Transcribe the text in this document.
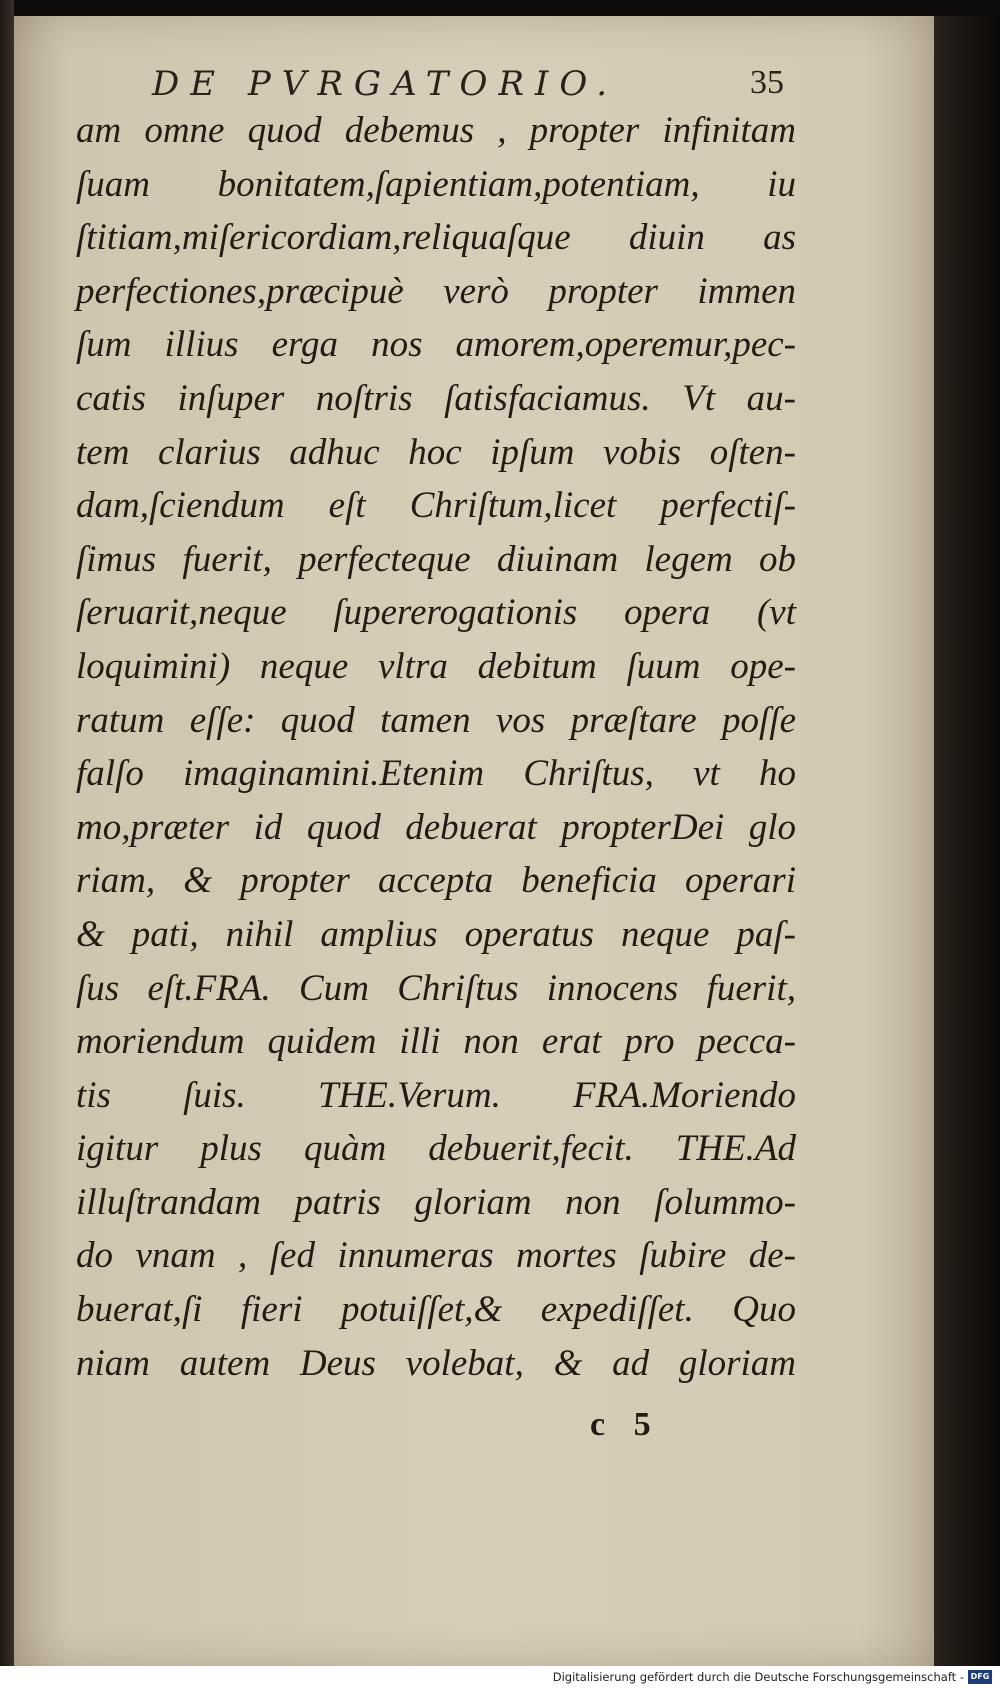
DE PVRGATORIO.	35
am omne quod debemus , propter infinitam
ſuam bonitatem,ſapientiam,potentiam, iu
ſtitiam,miſericordiam,reliquaſque diuin as
perfectiones,præcipuè verò propter immen
ſum illius erga nos amorem,operemur,pec-
catis inſuper noſtris ſatisfaciamus. Vt au-
tem clarius adhuc hoc ipſum vobis oſten-
dam,ſciendum eſt Chriſtum,licet perfectiſ-
ſimus fuerit, perfecteque diuinam legem ob
ſeruarit,neque ſupererogationis opera (vt
loquimini) neque vltra debitum ſuum ope-
ratum eſſe: quod tamen vos præſtare poſſe
falſo imaginamini.Etenim Chriſtus, vt ho
mo,præter id quod debuerat propterDei glo
riam, & propter accepta beneficia operari
& pati, nihil amplius operatus neque paſ-
ſus eſt.FRA. Cum Chriſtus innocens fuerit,
moriendum quidem illi non erat pro pecca-
tis ſuis. THE.Verum. FRA.Moriendo
igitur plus quàm debuerit,fecit. THE.Ad
illuſtrandam patris gloriam non ſolummo-
do vnam , ſed innumeras mortes ſubire de-
buerat,ſi fieri potuiſſet,& expediſſet. Quo
niam autem Deus volebat, & ad gloriam
c 5
Digitalisierung gefördert durch die Deutsche Forschungsgemeinschaft - DFG
